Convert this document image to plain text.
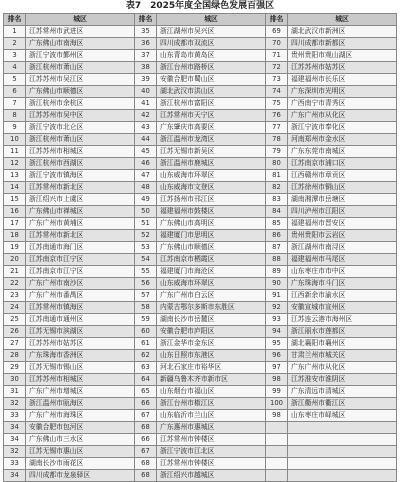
表7　2025年度全国绿色发展百强区
排名	城区	排名	城区	排名	城区
1	江苏常州市武进区	35	浙江湖州市吴兴区	69	湖北武汉市新洲区
2	广东佛山市南海区	36	四川成都市双流区	70	四川成都市新都区
3	浙江宁波市鄞州区	37	山东青岛市黄岛区	71	贵州贵阳市观山湖区
4	浙江杭州市萧山区	38	浙江台州市路桥区	72	江苏苏州市姑苏区
5	江苏苏州市吴江区	39	安徽合肥市蜀山区	73	福建福州市长乐区
6	广东佛山市顺德区	40	湖北武汉市洪山区	74	广东深圳市光明区
7	浙江杭州市余杭区	41	浙江杭州市富阳区	75	广西南宁市青秀区
8	江苏苏州市吴中区	42	江苏常州市天宁区	76	广东广州市从化区
9	浙江宁波市北仑区	43	广东肇庆市高要区	77	浙江宁波市奉化区
10	浙江杭州市萧山区	44	浙江温州市龙湾区	78	河南郑州市金水区
11	江苏苏州市相城区	45	江苏无锡市新吴区	79	广东东莞市南城区
12	浙江杭州市西湖区	46	浙江温州市鹿城区	80	江苏南京市浦口区
13	浙江宁波市镇海区	47	山东威海市环翠区	81	江西赣州市章贡区
14	江苏常州市新北区	48	山东威海市文登区	82	江苏徐州市铜山区
15	浙江绍兴市上虞区	49	江苏扬州市邗江区	83	湖南湘潭市岳塘区
16	广东佛山市禅城区	50	福建福州市鼓楼区	84	四川泸州市江阳区
17	广东广州市黄埔区	51	广东佛山市高明区	85	福建福州市晋安区
18	江苏常州市新北区	52	福建厦门市思明区	86	贵州贵阳市云岩区
19	江苏南通市海门区	53	广东佛山市顺德区	87	浙江湖州市南浔区
20	江苏南京市江宁区	54	江苏南京市栖霞区	88	福建福州市马尾区
21	江苏南京市江宁区	55	福建厦门市海沧区	89	山东枣庄市市中区
22	广东广州市南沙区	56	山东威海市环翠区	90	广东珠海市斗门区
23	广东广州市番禺区	57	广东广州市白云区	91	江西新余市渝水区
24	江苏常州市镇海区	58	内蒙古鄂尔多斯市东胜区	92	安徽宣城市宣州区
25	江苏南通市通州区	59	湖南长沙市岳麓区	93	江苏连云港市海州区
26	江苏无锡市滨湖区	60	安徽合肥市庐阳区	94	浙江丽水市莲都区
27	江苏苏州市姑苏区	61	浙江金华市金东区	95	湖北襄阳市襄州区
28	广东珠海市香洲区	62	山东日照市东港区	96	甘肃兰州市城关区
29	江苏无锡市锡山区	63	河北石家庄市裕华区	97	广东广州市从化区
30	江苏苏州市相城区	64	新疆乌鲁木齐市新市区	98	江苏淮安市淮阴区
31	广东广州市增城区	65	山东烟台市福山区	99	广东清远市清城区
32	浙江温州市瓯海区	66	浙江台州市椒江区	100	浙江衢州市衢江区
33	广东广州市海珠区	67	山东临沂市兰山区	98	山东枣庄市峄城区
34	安徽合肥市包河区	68	广东惠州市惠城区		
34	广东佛山市三水区	66	江苏常州市钟楼区		
32	江苏无锡市惠山区	67	浙江宁波市江北区		
33	湖南长沙市雨花区	68	江苏常州市钟楼区		
34	四川成都市龙泉驿区	68	浙江绍兴市越城区		
